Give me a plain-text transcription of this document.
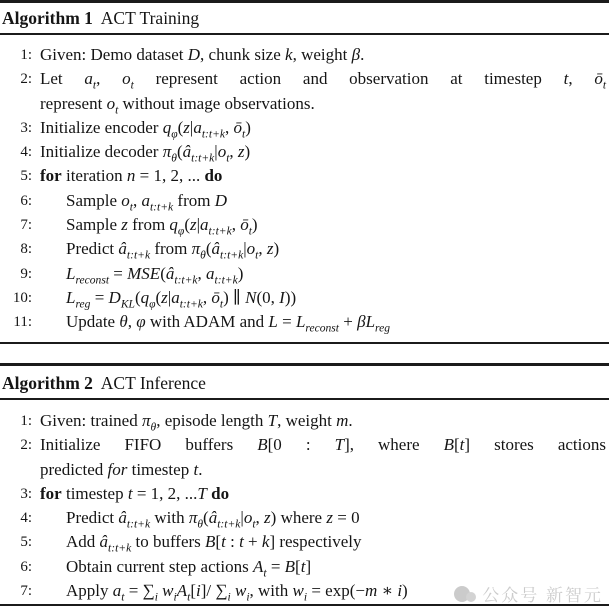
Algorithm 1 ACT Training
1: Given: Demo dataset D, chunk size k, weight β.
2: Let $a_t$, $o_t$ represent action and observation at timestep t, $ō_t$
represent $o_t$ without image observations.
3: Initialize encoder $q_\varphi(z|a_{t:t+k}$, $ō_t$)
4: Initialize decoder $\pi_\theta(â_{t:t+k}|o_t$, z)
5: for iteration n = 1, 2, ... do
6:	Sample $o_t$, $a_{t:t+k}$ from D
7:	Sample z from $q_\varphi(z|a_{t:t+k}$, $ō_t$)
8:	Predict $â_{t:t+k}$ from $\pi_\theta(â_{t:t+k}|o_t$, z)
9:	$L_{reconst}$ = $MSE(â_{t:t+k}$, $a_{t:t+k}$)
10:	$L_{reg} = D_{KL}(q_\varphi(z|a_{t:t+k}$, $ō_t$) ∥ N(0, I))
11:	Update θ, φ with ADAM and $L = L_{reconst} + \beta L_{reg}$
Algorithm 2 ACT Inference
1: Given: trained $\pi_\theta$, episode length T, weight m.
2: Initialize FIFO buffers B[0 : T], where B[t] stores actions
predicted for timestep t.
3: for timestep t = 1, 2, ...T do
4:	Predict $â_{t:t+k}$ with $\pi_\theta(â_{t:t+k}|o_t$, z) where z = 0
5:	Add $â_{t:t+k}$ to buffers B[t : t + k] respectively
6:	Obtain current step actions $A_t = B[t]$
7:	Apply $a_t = \sum_i$ $w_iA_t[i]/$ $\sum_i$ $w_i$, with $w_i = \exp(-m$ ∗ i)	公众号 新智元
